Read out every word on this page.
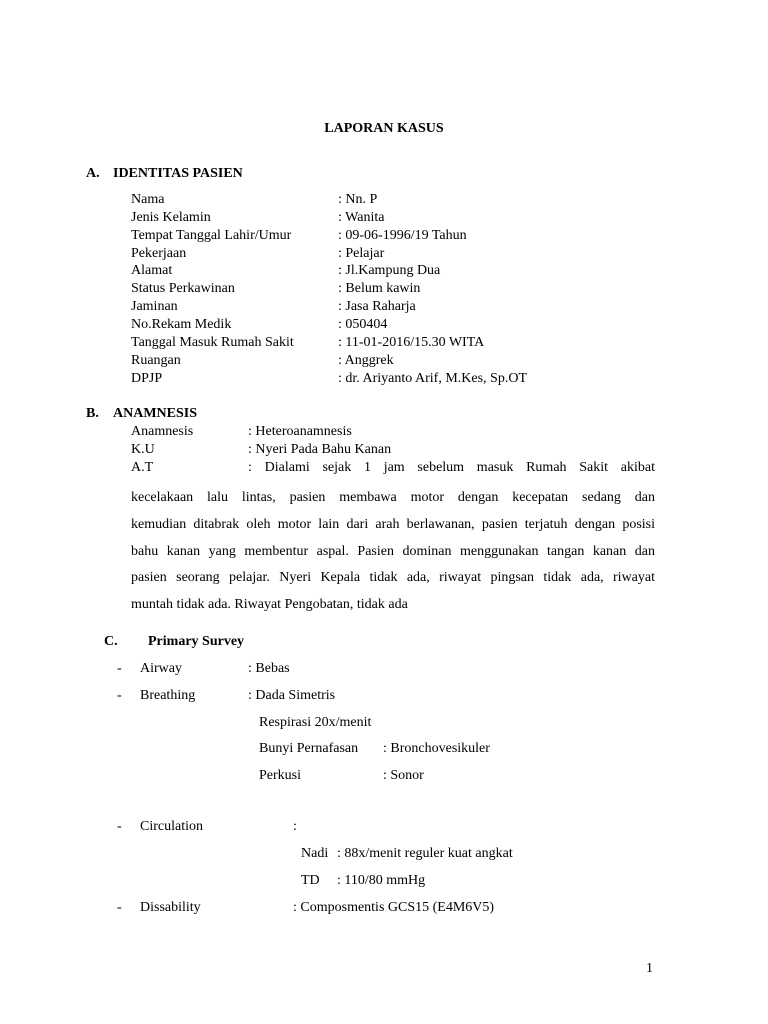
LAPORAN KASUS
A. IDENTITAS PASIEN
Nama	: Nn. P
Jenis Kelamin	: Wanita
Tempat Tanggal Lahir/Umur	: 09-06-1996/19 Tahun
Pekerjaan	: Pelajar
Alamat	: Jl.Kampung Dua
Status Perkawinan	: Belum kawin
Jaminan	: Jasa Raharja
No.Rekam Medik	: 050404
Tanggal Masuk Rumah Sakit	: 11-01-2016/15.30 WITA
Ruangan	: Anggrek
DPJP	: dr. Ariyanto Arif, M.Kes, Sp.OT
B. ANAMNESIS
Anamnesis	: Heteroanamnesis
K.U	: Nyeri Pada Bahu Kanan
A.T	: Dialami sejak 1 jam sebelum masuk Rumah Sakit akibat
kecelakaan lalu lintas, pasien membawa motor dengan kecepatan sedang dan
kemudian ditabrak oleh motor lain dari arah berlawanan, pasien terjatuh dengan posisi
bahu kanan yang membentur aspal. Pasien dominan menggunakan tangan kanan dan
pasien seorang pelajar. Nyeri Kepala tidak ada, riwayat pingsan tidak ada, riwayat
muntah tidak ada. Riwayat Pengobatan, tidak ada
C. Primary Survey
- Airway	: Bebas
- Breathing	: Dada Simetris
Respirasi 20x/menit
Bunyi Pernafasan : Bronchovesikuler
Perkusi	: Sonor
- Circulation	:
Nadi : 88x/menit reguler kuat angkat
TD : 110/80 mmHg
- Dissability	: Composmentis GCS15 (E4M6V5)
1
